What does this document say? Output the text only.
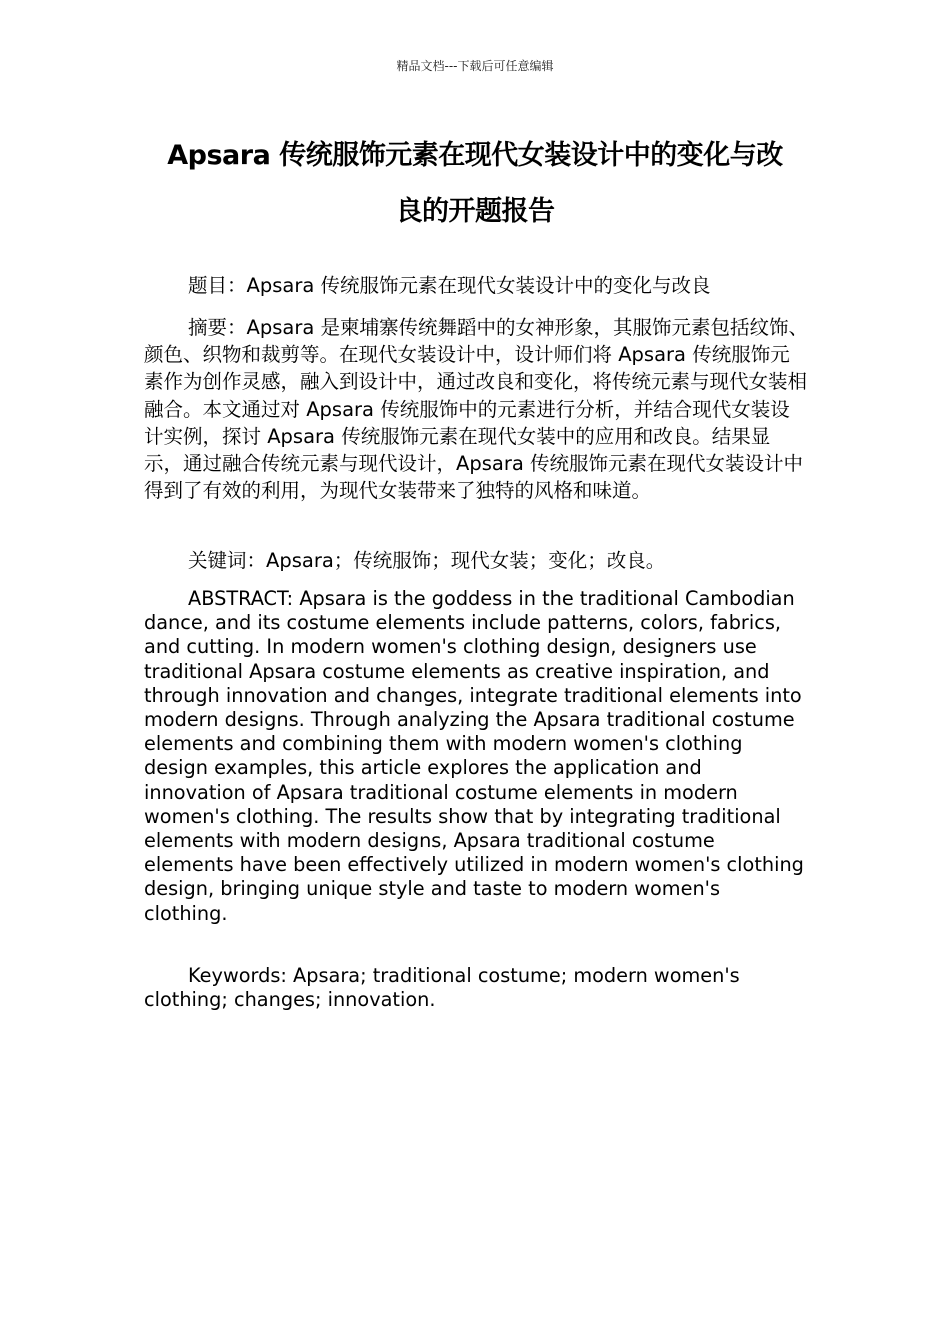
精品文档---下载后可任意编辑
Apsara 传统服饰元素在现代女装设计中的变化与改
良的开题报告

题目：Apsara 传统服饰元素在现代女装设计中的变化与改良

摘要：Apsara 是柬埔寨传统舞蹈中的女神形象，其服饰元素包括纹饰、颜色、织物和裁剪等。在现代女装设计中，设计师们将 Apsara 传统服饰元素作为创作灵感，融入到设计中，通过改良和变化，将传统元素与现代女装相融合。本文通过对 Apsara 传统服饰中的元素进行分析，并结合现代女装设计实例，探讨 Apsara 传统服饰元素在现代女装中的应用和改良。结果显示，通过融合传统元素与现代设计，Apsara 传统服饰元素在现代女装设计中得到了有效的利用，为现代女装带来了独特的风格和味道。

关键词：Apsara；传统服饰；现代女装；变化；改良。

ABSTRACT: Apsara is the goddess in the traditional Cambodian dance, and its costume elements include patterns, colors, fabrics, and cutting. In modern women's clothing design, designers use traditional Apsara costume elements as creative inspiration, and through innovation and changes, integrate traditional elements into modern designs. Through analyzing the Apsara traditional costume elements and combining them with modern women's clothing design examples, this article explores the application and innovation of Apsara traditional costume elements in modern women's clothing. The results show that by integrating traditional elements with modern designs, Apsara traditional costume elements have been effectively utilized in modern women's clothing design, bringing unique style and taste to modern women's clothing.

Keywords: Apsara; traditional costume; modern women's clothing; changes; innovation.
